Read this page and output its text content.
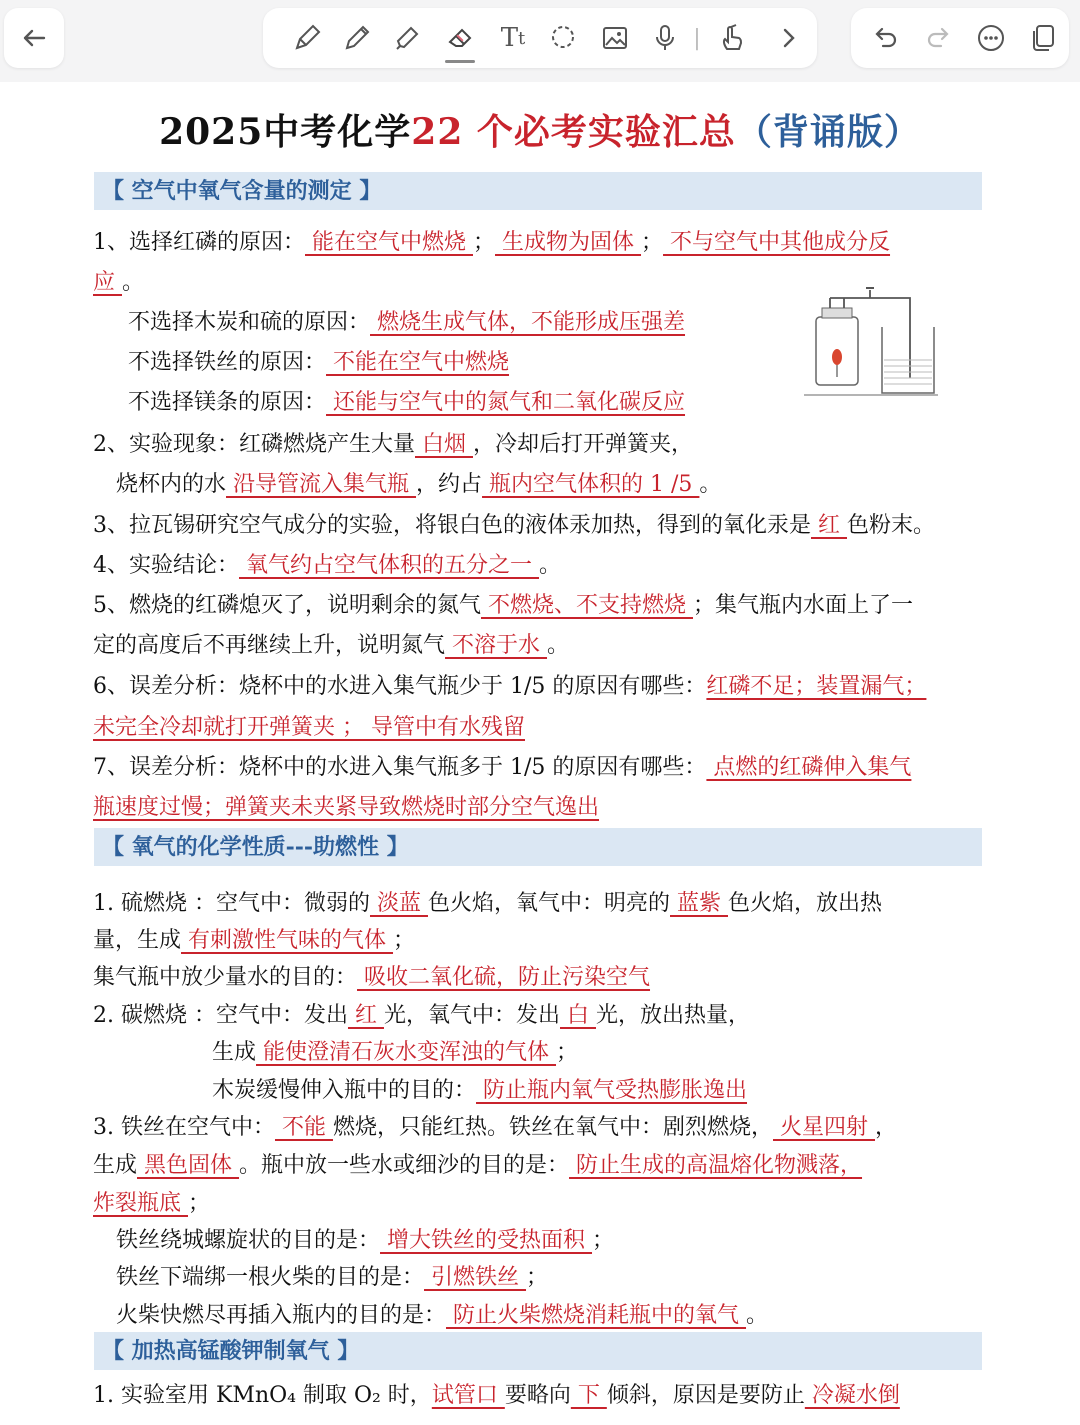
T t	|
2025中考化学22 个必考实验汇总（背诵版）
【 空气中氧气含量的测定 】
【 氧气的化学性质---助燃性 】
【 加热高锰酸钾制氧气 】
1、选择红磷的原因： 能在空气中燃烧 ； 生成物为固体 ； 不与空气中其他成分反
应 。
不选择木炭和硫的原因： 燃烧生成气体，不能形成压强差
不选择铁丝的原因： 不能在空气中燃烧
不选择镁条的原因： 还能与空气中的氮气和二氧化碳反应
2、实验现象：红磷燃烧产生大量 白烟 ，冷却后打开弹簧夹，
烧杯内的水 沿导管流入集气瓶 ，约占 瓶内空气体积的 1 /5 。
3、拉瓦锡研究空气成分的实验，将银白色的液体汞加热，得到的氧化汞是 红 色粉末。
4、实验结论： 氧气约占空气体积的五分之一 。
5、燃烧的红磷熄灭了，说明剩余的氮气 不燃烧、不支持燃烧 ；集气瓶内水面上了一
定的高度后不再继续上升，说明氮气 不溶于水 。
6、误差分析：烧杯中的水进入集气瓶少于 1/5 的原因有哪些：红磷不足；装置漏气；
未完全冷却就打开弹簧夹 ； 导管中有水残留
7、误差分析：烧杯中的水进入集气瓶多于 1/5 的原因有哪些： 点燃的红磷伸入集气
瓶速度过慢；弹簧夹未夹紧导致燃烧时部分空气逸出
1. 硫燃烧 ：空气中：微弱的 淡蓝 色火焰，氧气中：明亮的 蓝紫 色火焰，放出热
量，生成 有刺激性气味的气体 ；
集气瓶中放少量水的目的： 吸收二氧化硫，防止污染空气
2. 碳燃烧 ：空气中：发出 红 光，氧气中：发出 白 光，放出热量，
生成 能使澄清石灰水变浑浊的气体 ；
木炭缓慢伸入瓶中的目的： 防止瓶内氧气受热膨胀逸出
3. 铁丝在空气中： 不能 燃烧，只能红热。铁丝在氧气中：剧烈燃烧， 火星四射 ，
生成 黑色固体 。瓶中放一些水或细沙的目的是： 防止生成的高温熔化物溅落，
炸裂瓶底 ；
铁丝绕城螺旋状的目的是： 增大铁丝的受热面积 ；
铁丝下端绑一根火柴的目的是： 引燃铁丝 ；
火柴快燃尽再插入瓶内的目的是： 防止火柴燃烧消耗瓶中的氧气 。
1. 实验室用 KMnO₄ 制取 O₂ 时，试管口 要略向 下 倾斜，原因是要防止 冷凝水倒
